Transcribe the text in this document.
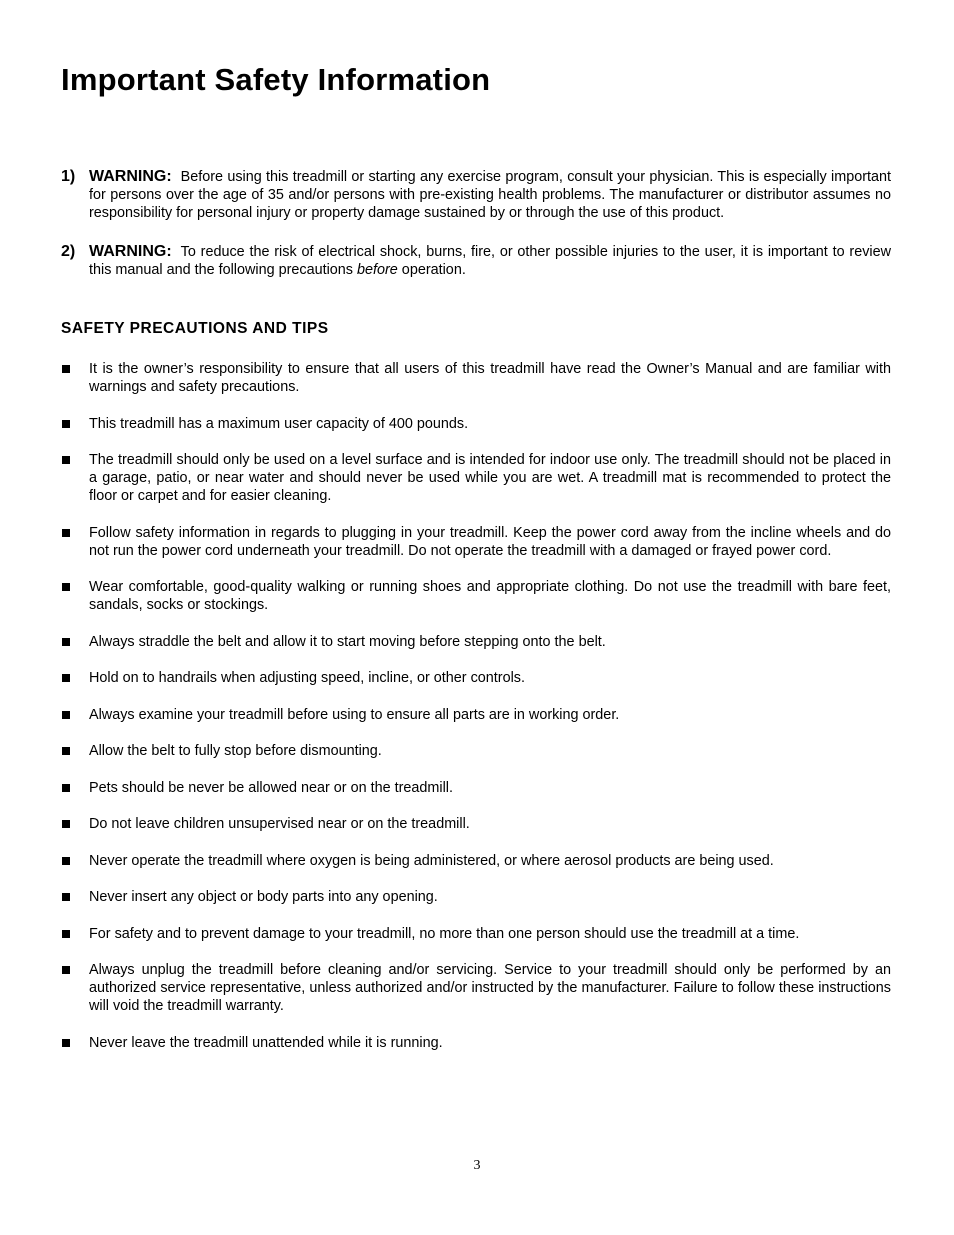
Important Safety Information
1) WARNING: Before using this treadmill or starting any exercise program, consult your physician. This is especially important for persons over the age of 35 and/or persons with pre-existing health problems. The manufacturer or distributor assumes no responsibility for personal injury or property damage sustained by or through the use of this product.
2) WARNING: To reduce the risk of electrical shock, burns, fire, or other possible injuries to the user, it is important to review this manual and the following precautions before operation.
SAFETY PRECAUTIONS AND TIPS
It is the owner’s responsibility to ensure that all users of this treadmill have read the Owner’s Manual and are familiar with warnings and safety precautions.
This treadmill has a maximum user capacity of 400 pounds.
The treadmill should only be used on a level surface and is intended for indoor use only. The treadmill should not be placed in a garage, patio, or near water and should never be used while you are wet. A treadmill mat is recommended to protect the floor or carpet and for easier cleaning.
Follow safety information in regards to plugging in your treadmill. Keep the power cord away from the incline wheels and do not run the power cord underneath your treadmill. Do not operate the treadmill with a damaged or frayed power cord.
Wear comfortable, good-quality walking or running shoes and appropriate clothing. Do not use the treadmill with bare feet, sandals, socks or stockings.
Always straddle the belt and allow it to start moving before stepping onto the belt.
Hold on to handrails when adjusting speed, incline, or other controls.
Always examine your treadmill before using to ensure all parts are in working order.
Allow the belt to fully stop before dismounting.
Pets should be never be allowed near or on the treadmill.
Do not leave children unsupervised near or on the treadmill.
Never operate the treadmill where oxygen is being administered, or where aerosol products are being used.
Never insert any object or body parts into any opening.
For safety and to prevent damage to your treadmill, no more than one person should use the treadmill at a time.
Always unplug the treadmill before cleaning and/or servicing. Service to your treadmill should only be performed by an authorized service representative, unless authorized and/or instructed by the manufacturer. Failure to follow these instructions will void the treadmill warranty.
Never leave the treadmill unattended while it is running.
3
